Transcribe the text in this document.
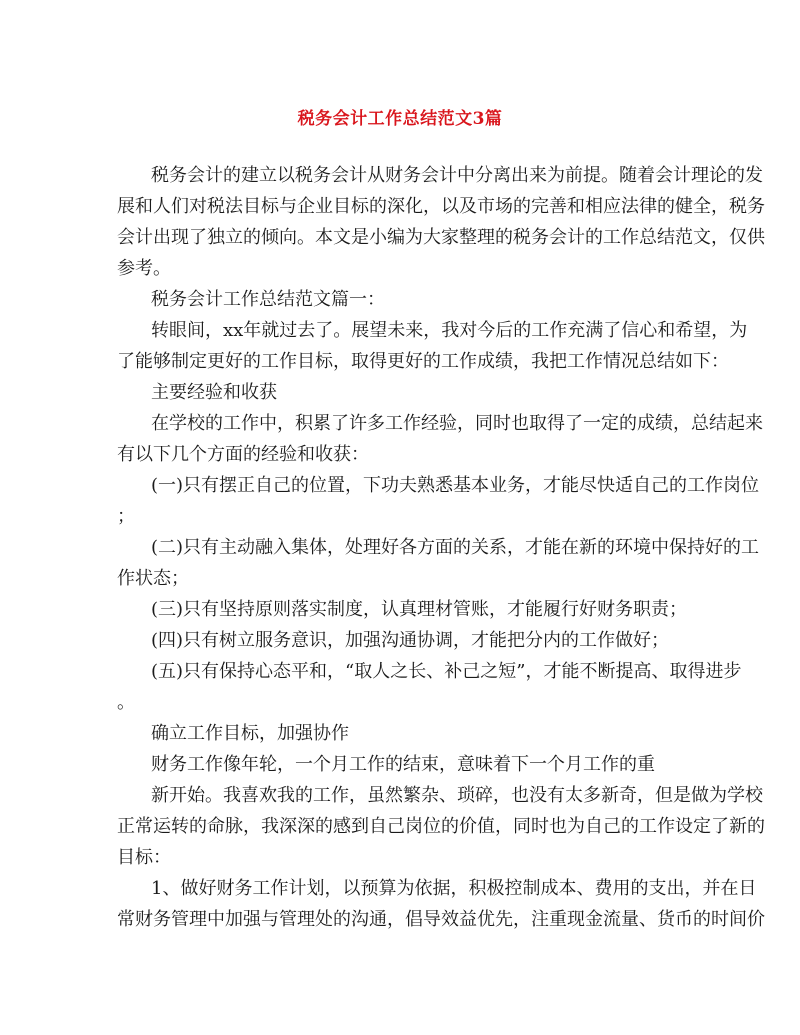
税务会计工作总结范文3篇
税务会计的建立以税务会计从财务会计中分离出来为前提。随着会计理论的发
展和人们对税法目标与企业目标的深化，以及市场的完善和相应法律的健全，税务
会计出现了独立的倾向。本文是小编为大家整理的税务会计的工作总结范文，仅供
参考。
税务会计工作总结范文篇一：
转眼间，xx年就过去了。展望未来，我对今后的工作充满了信心和希望，为
了能够制定更好的工作目标，取得更好的工作成绩，我把工作情况总结如下：
主要经验和收获
在学校的工作中，积累了许多工作经验，同时也取得了一定的成绩，总结起来
有以下几个方面的经验和收获：
(一)只有摆正自己的位置，下功夫熟悉基本业务，才能尽快适自己的工作岗位
；
(二)只有主动融入集体，处理好各方面的关系，才能在新的环境中保持好的工
作状态；
(三)只有坚持原则落实制度，认真理材管账，才能履行好财务职责；
(四)只有树立服务意识，加强沟通协调，才能把分内的工作做好；
(五)只有保持心态平和，“取人之长、补己之短”，才能不断提高、取得进步
。
确立工作目标，加强协作
财务工作像年轮，一个月工作的结束，意味着下一个月工作的重
新开始。我喜欢我的工作，虽然繁杂、琐碎，也没有太多新奇，但是做为学校
正常运转的命脉，我深深的感到自己岗位的价值，同时也为自己的工作设定了新的
目标：
1、做好财务工作计划，以预算为依据，积极控制成本、费用的支出，并在日
常财务管理中加强与管理处的沟通，倡导效益优先，注重现金流量、货币的时间价
